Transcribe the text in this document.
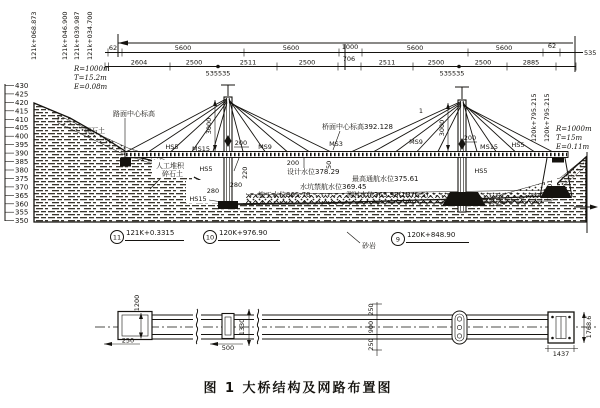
62	5600	5600	1000	5600	5600	62
535
2604	2500	2511	2500	706	2511	2500	2500	2885
535535	535535
121k+068.873	121k+046.900 121k+039.987 121k+034.700
120k+795.215 120k+795.215
R=1000m
T=15.2m
E=0.08m
R=1000m
T=15m
E=0.11m
430
425
420
415
410
405
400
395
390
385
380
375
370
365
360
355
350
3000	3000
200
200
HS5 MS15	MS9	MS3	MS9
MS15 HS5
1
桥面中心标高392.128
路面中心标高
卵石土
人工堆积
碎石土
砂岩
HS5	220
280
280
HS15
200	50
HS5
101
设计水位378.29
最高通航水位375.61
水坑禁航水位369.45
施工水位365.70	测时水位365.98(1976.5)
11
121K+0.3315
10
120K+976.90
9
120K+848.90
1200
250
500
1330
250
900
250
1437
1768.6
图 1 大桥结构及网路布置图
